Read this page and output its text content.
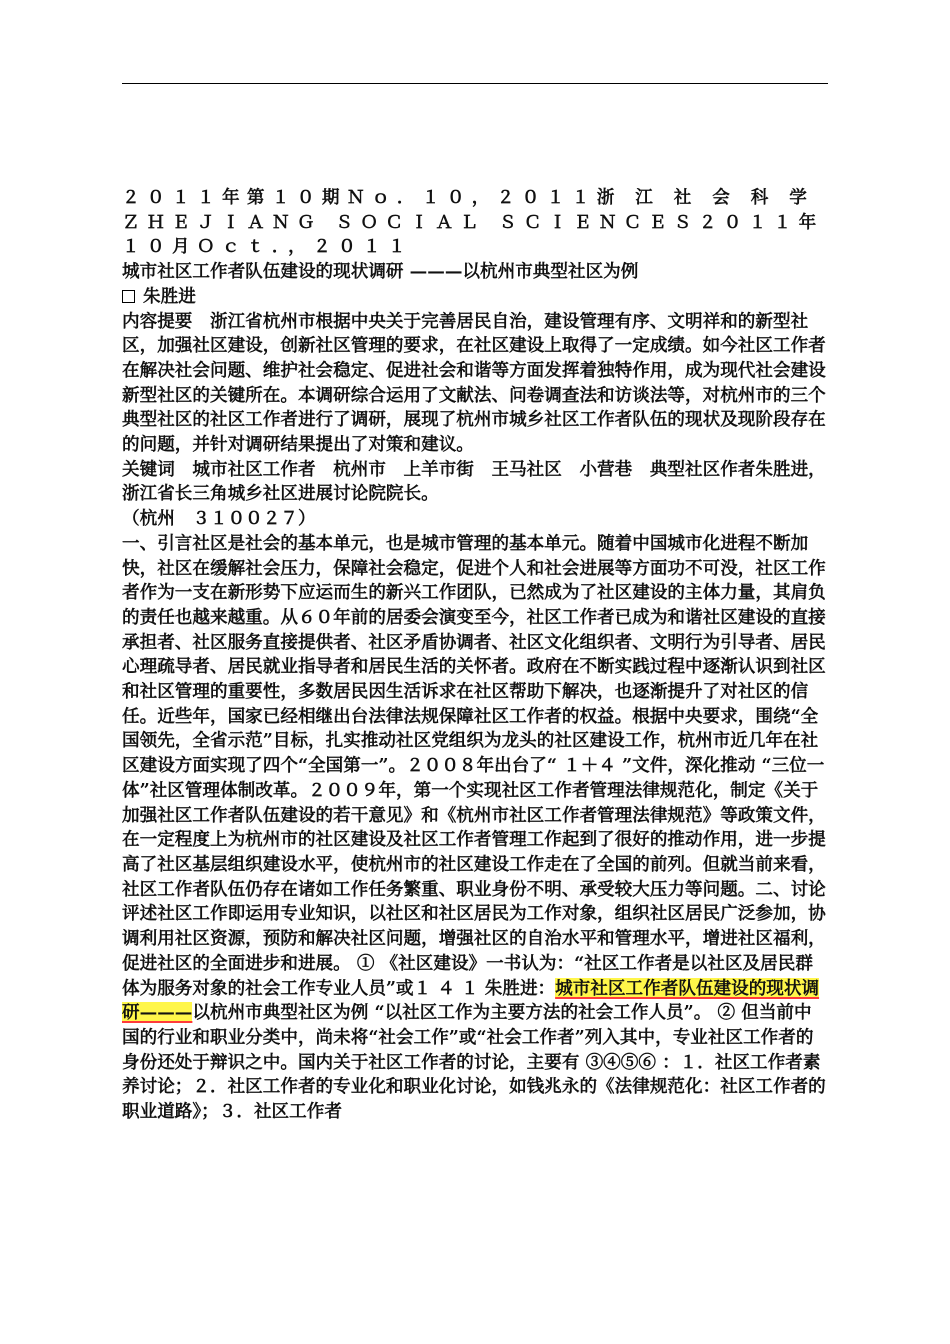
２０１１年第１０期Ｎｏ．１０，２０１１浙 江 社 会 科 学ＺＨＥＪＩＡＮＧ ＳＯＣＩＡＬ ＳＣＩＥＮＣＥＳ２０１１年１０月Ｏｃｔ．，２０１１

城市社区工作者队伍建设的现状调研 ———以杭州市典型社区为例

朱胜进

内容提要　浙江省杭州市根据中央关于完善居民自治，建设管理有序、文明祥和的新型社区，加强社区建设，创新社区管理的要求，在社区建设上取得了一定成绩。如今社区工作者在解决社会问题、维护社会稳定、促进社会和谐等方面发挥着独特作用，成为现代社会建设新型社区的关键所在。本调研综合运用了文献法、问卷调查法和访谈法等，对杭州市的三个典型社区的社区工作者进行了调研，展现了杭州市城乡社区工作者队伍的现状及现阶段存在的问题，并针对调研结果提出了对策和建议。

关键词　城市社区工作者　杭州市　上羊市街　王马社区　小营巷　典型社区作者朱胜进，浙江省长三角城乡社区进展讨论院院长。

（杭州　３１００２７）

一、引言社区是社会的基本单元，也是城市管理的基本单元。随着中国城市化进程不断加快，社区在缓解社会压力，保障社会稳定，促进个人和社会进展等方面功不可没，社区工作者作为一支在新形势下应运而生的新兴工作团队，已然成为了社区建设的主体力量，其肩负的责任也越来越重。从６０年前的居委会演变至今，社区工作者已成为和谐社区建设的直接承担者、社区服务直接提供者、社区矛盾协调者、社区文化组织者、文明行为引导者、居民心理疏导者、居民就业指导者和居民生活的关怀者。政府在不断实践过程中逐渐认识到社区和社区管理的重要性，多数居民因生活诉求在社区帮助下解决，也逐渐提升了对社区的信任。近些年，国家已经相继出台法律法规保障社区工作者的权益。根据中央要求，围绕“全国领先，全省示范”目标，扎实推动社区党组织为龙头的社区建设工作，杭州市近几年在社区建设方面实现了四个“全国第一”。２００８年出台了“ １＋４ ”文件，深化推动 “三位一体”社区管理体制改革。２００９年，第一个实现社区工作者管理法律规范化，制定《关于加强社区工作者队伍建设的若干意见》和《杭州市社区工作者管理法律规范》等政策文件，在一定程度上为杭州市的社区建设及社区工作者管理工作起到了很好的推动作用，进一步提高了社区基层组织建设水平，使杭州市的社区建设工作走在了全国的前列。但就当前来看，社区工作者队伍仍存在诸如工作任务繁重、职业身份不明、承受较大压力等问题。二、讨论评述社区工作即运用专业知识，以社区和社区居民为工作对象，组织社区居民广泛参加，协调利用社区资源，预防和解决社区问题，增强社区的自治水平和管理水平，增进社区福利，促进社区的全面进步和进展。 ① 《社区建设》一书认为：“社区工作者是以社区及居民群体为服务对象的社会工作专业人员”或１ ４ １ 朱胜进：城市社区工作者队伍建设的现状调研———以杭州市典型社区为例 “以社区工作为主要方法的社会工作人员”。 ② 但当前中国的行业和职业分类中，尚未将“社会工作”或“社会工作者”列入其中，专业社区工作者的身份还处于辩识之中。国内关于社区工作者的讨论，主要有 ③④⑤⑥ ：１．社区工作者素养讨论；２．社区工作者的专业化和职业化讨论，如钱兆永的《法律规范化：社区工作者的职业道路》；３．社区工作者
